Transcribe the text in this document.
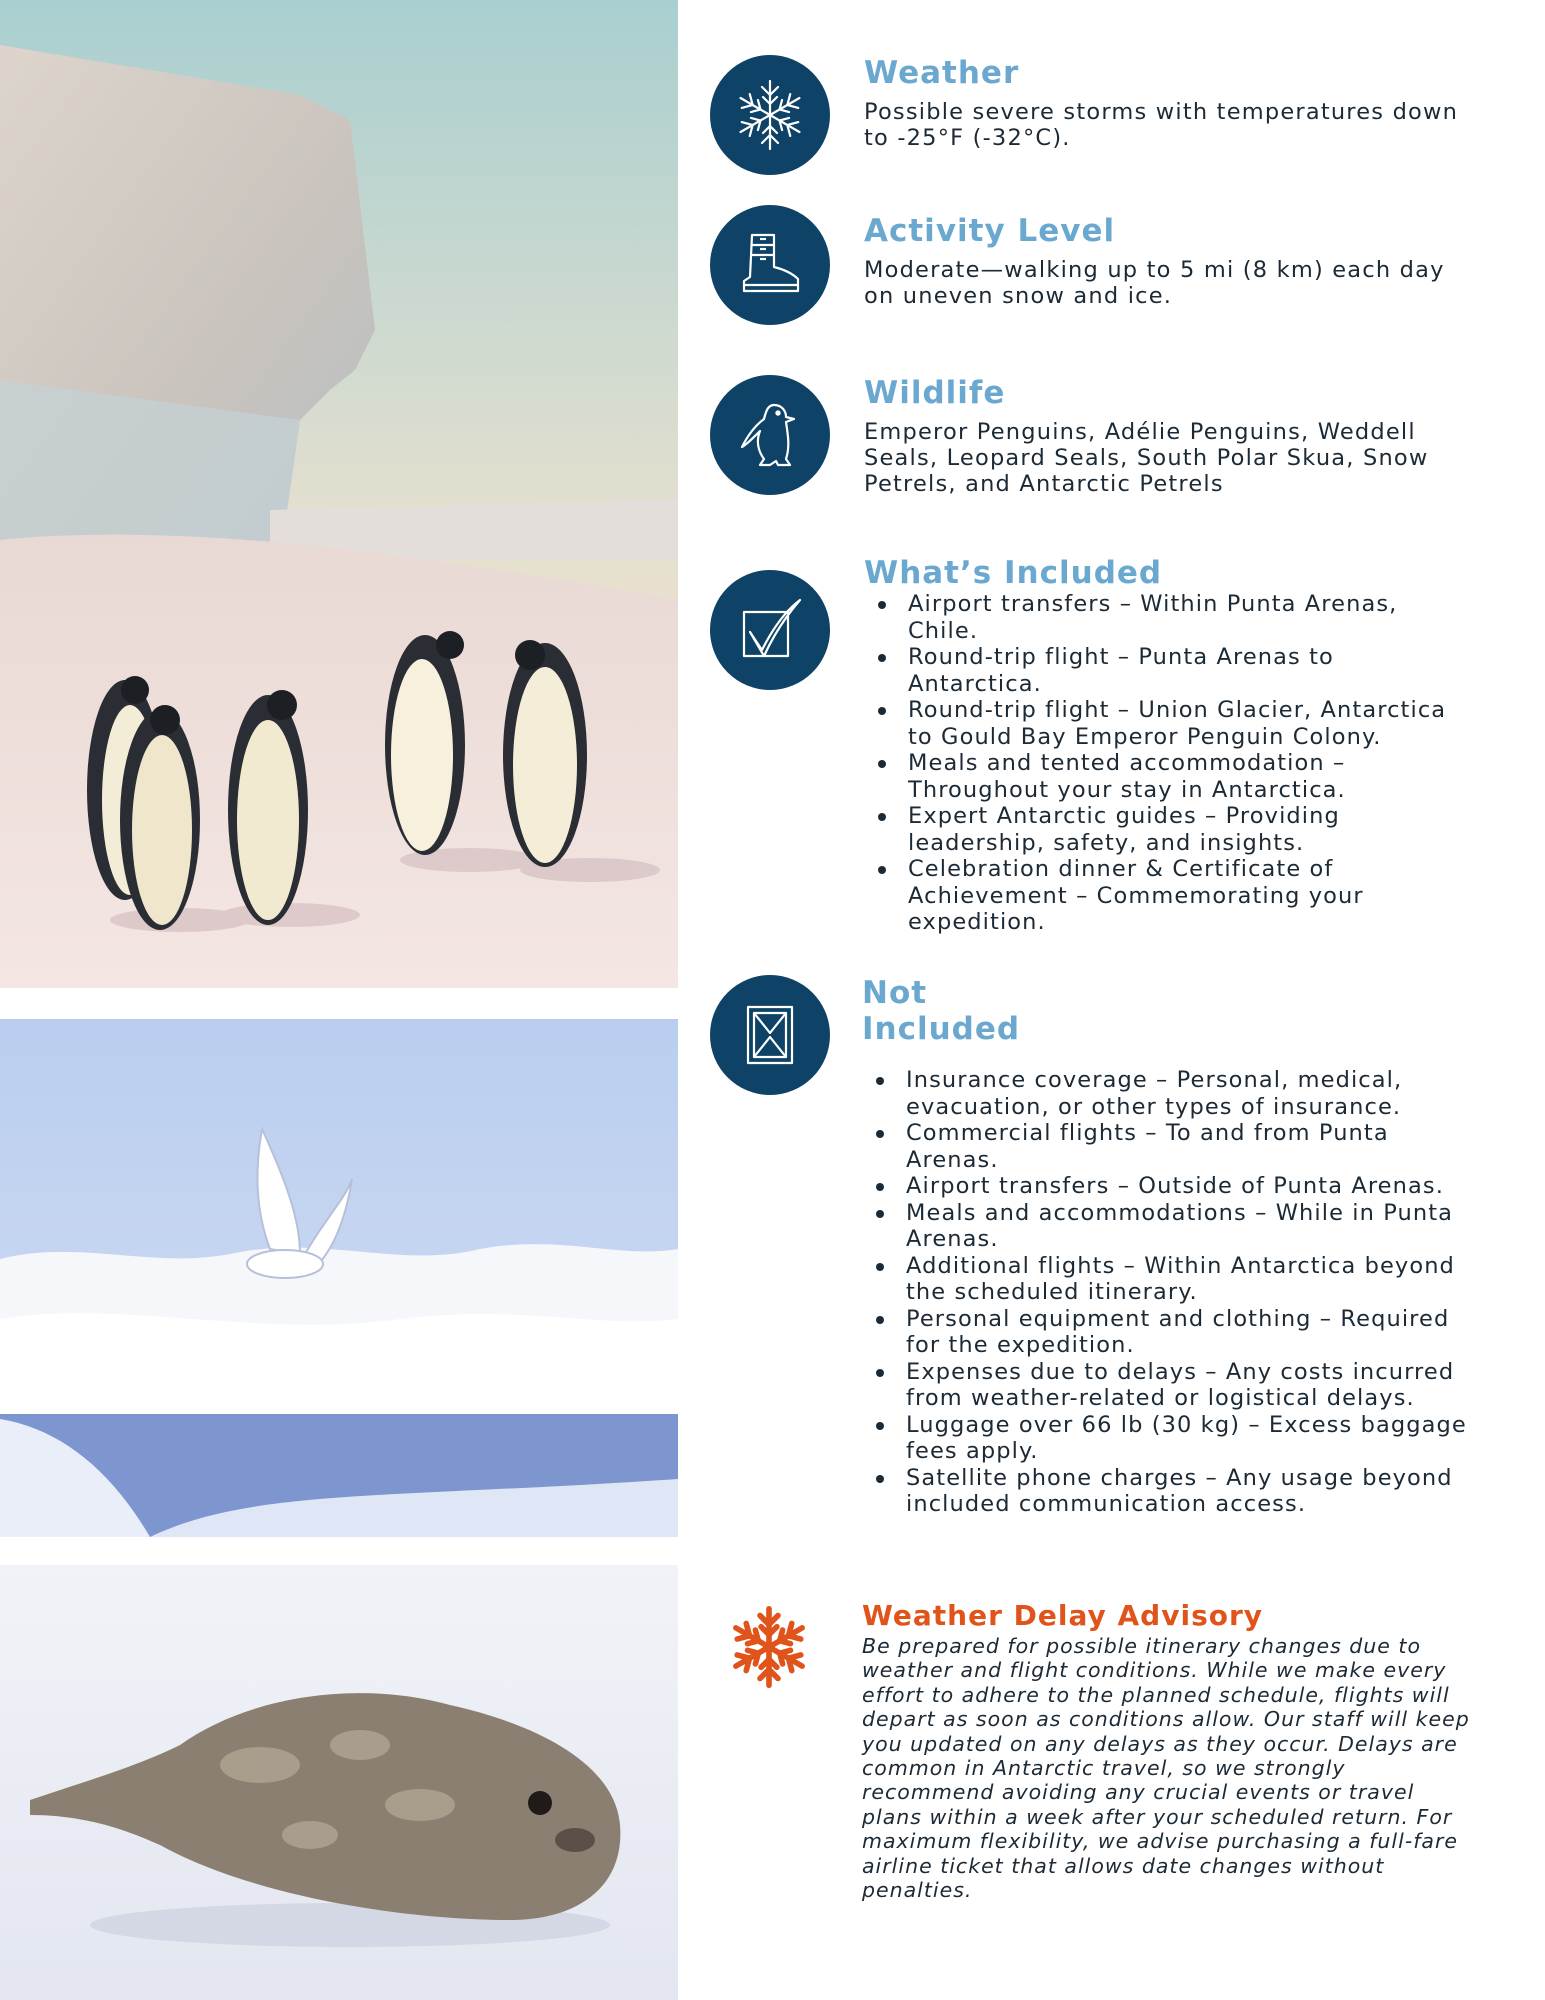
Weather

Possible severe storms with temperatures down to -25°F (-32°C).

Activity Level

Moderate—walking up to 5 mi (8 km) each day on uneven snow and ice.

Wildlife

Emperor Penguins, Adélie Penguins, Weddell Seals, Leopard Seals, South Polar Skua, Snow Petrels, and Antarctic Petrels

What’s Included
Airport transfers – Within Punta Arenas, Chile.
Round-trip flight – Punta Arenas to Antarctica.
Round-trip flight – Union Glacier, Antarctica to Gould Bay Emperor Penguin Colony.
Meals and tented accommodation – Throughout your stay in Antarctica.
Expert Antarctic guides – Providing leadership, safety, and insights.
Celebration dinner & Certificate of Achievement – Commemorating your expedition.
Not
Included
Insurance coverage – Personal, medical, evacuation, or other types of insurance.
Commercial flights – To and from Punta Arenas.
Airport transfers – Outside of Punta Arenas.
Meals and accommodations – While in Punta Arenas.
Additional flights – Within Antarctica beyond the scheduled itinerary.
Personal equipment and clothing – Required for the expedition.
Expenses due to delays – Any costs incurred from weather-related or logistical delays.
Luggage over 66 lb (30 kg) – Excess baggage fees apply.
Satellite phone charges – Any usage beyond included communication access.
Weather Delay Advisory

Be prepared for possible itinerary changes due to weather and flight conditions. While we make every effort to adhere to the planned schedule, flights will depart as soon as conditions allow. Our staff will keep you updated on any delays as they occur. Delays are common in Antarctic travel, so we strongly recommend avoiding any crucial events or travel plans within a week after your scheduled return. For maximum flexibility, we advise purchasing a full-fare airline ticket that allows date changes without penalties.
